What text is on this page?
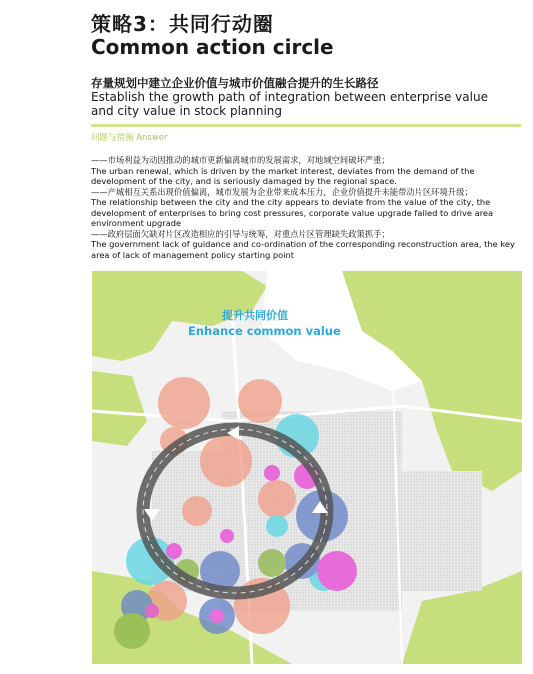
策略3：共同行动圈
Common action circle
存量规划中建立企业价值与城市价值融合提升的生长路径
Establish the growth path of integration between enterprise value and city value in stock planning
问题与措施 Answer

——市场利益为动因推动的城市更新偏离城市的发展需求，对地域空间破坏严重；

The urban renewal, which is driven by the market interest, deviates from the demand of the development of the city, and is seriously damaged by the regional space.

——产城相互关系出现价值偏离，城市发展为企业带来成本压力，企业价值提升未能带动片区环境升级；

The relationship between the city and the city appears to deviate from the value of the city, the development of enterprises to bring cost pressures, corporate value upgrade failed to drive area environment upgrade

——政府层面欠缺对片区改造相应的引导与统筹，对重点片区管理缺失政策抓手；

The government lack of guidance and co-ordination of the corresponding reconstruction area, the key area of lack of management policy starting point

提升共同价值
Enhance common value
